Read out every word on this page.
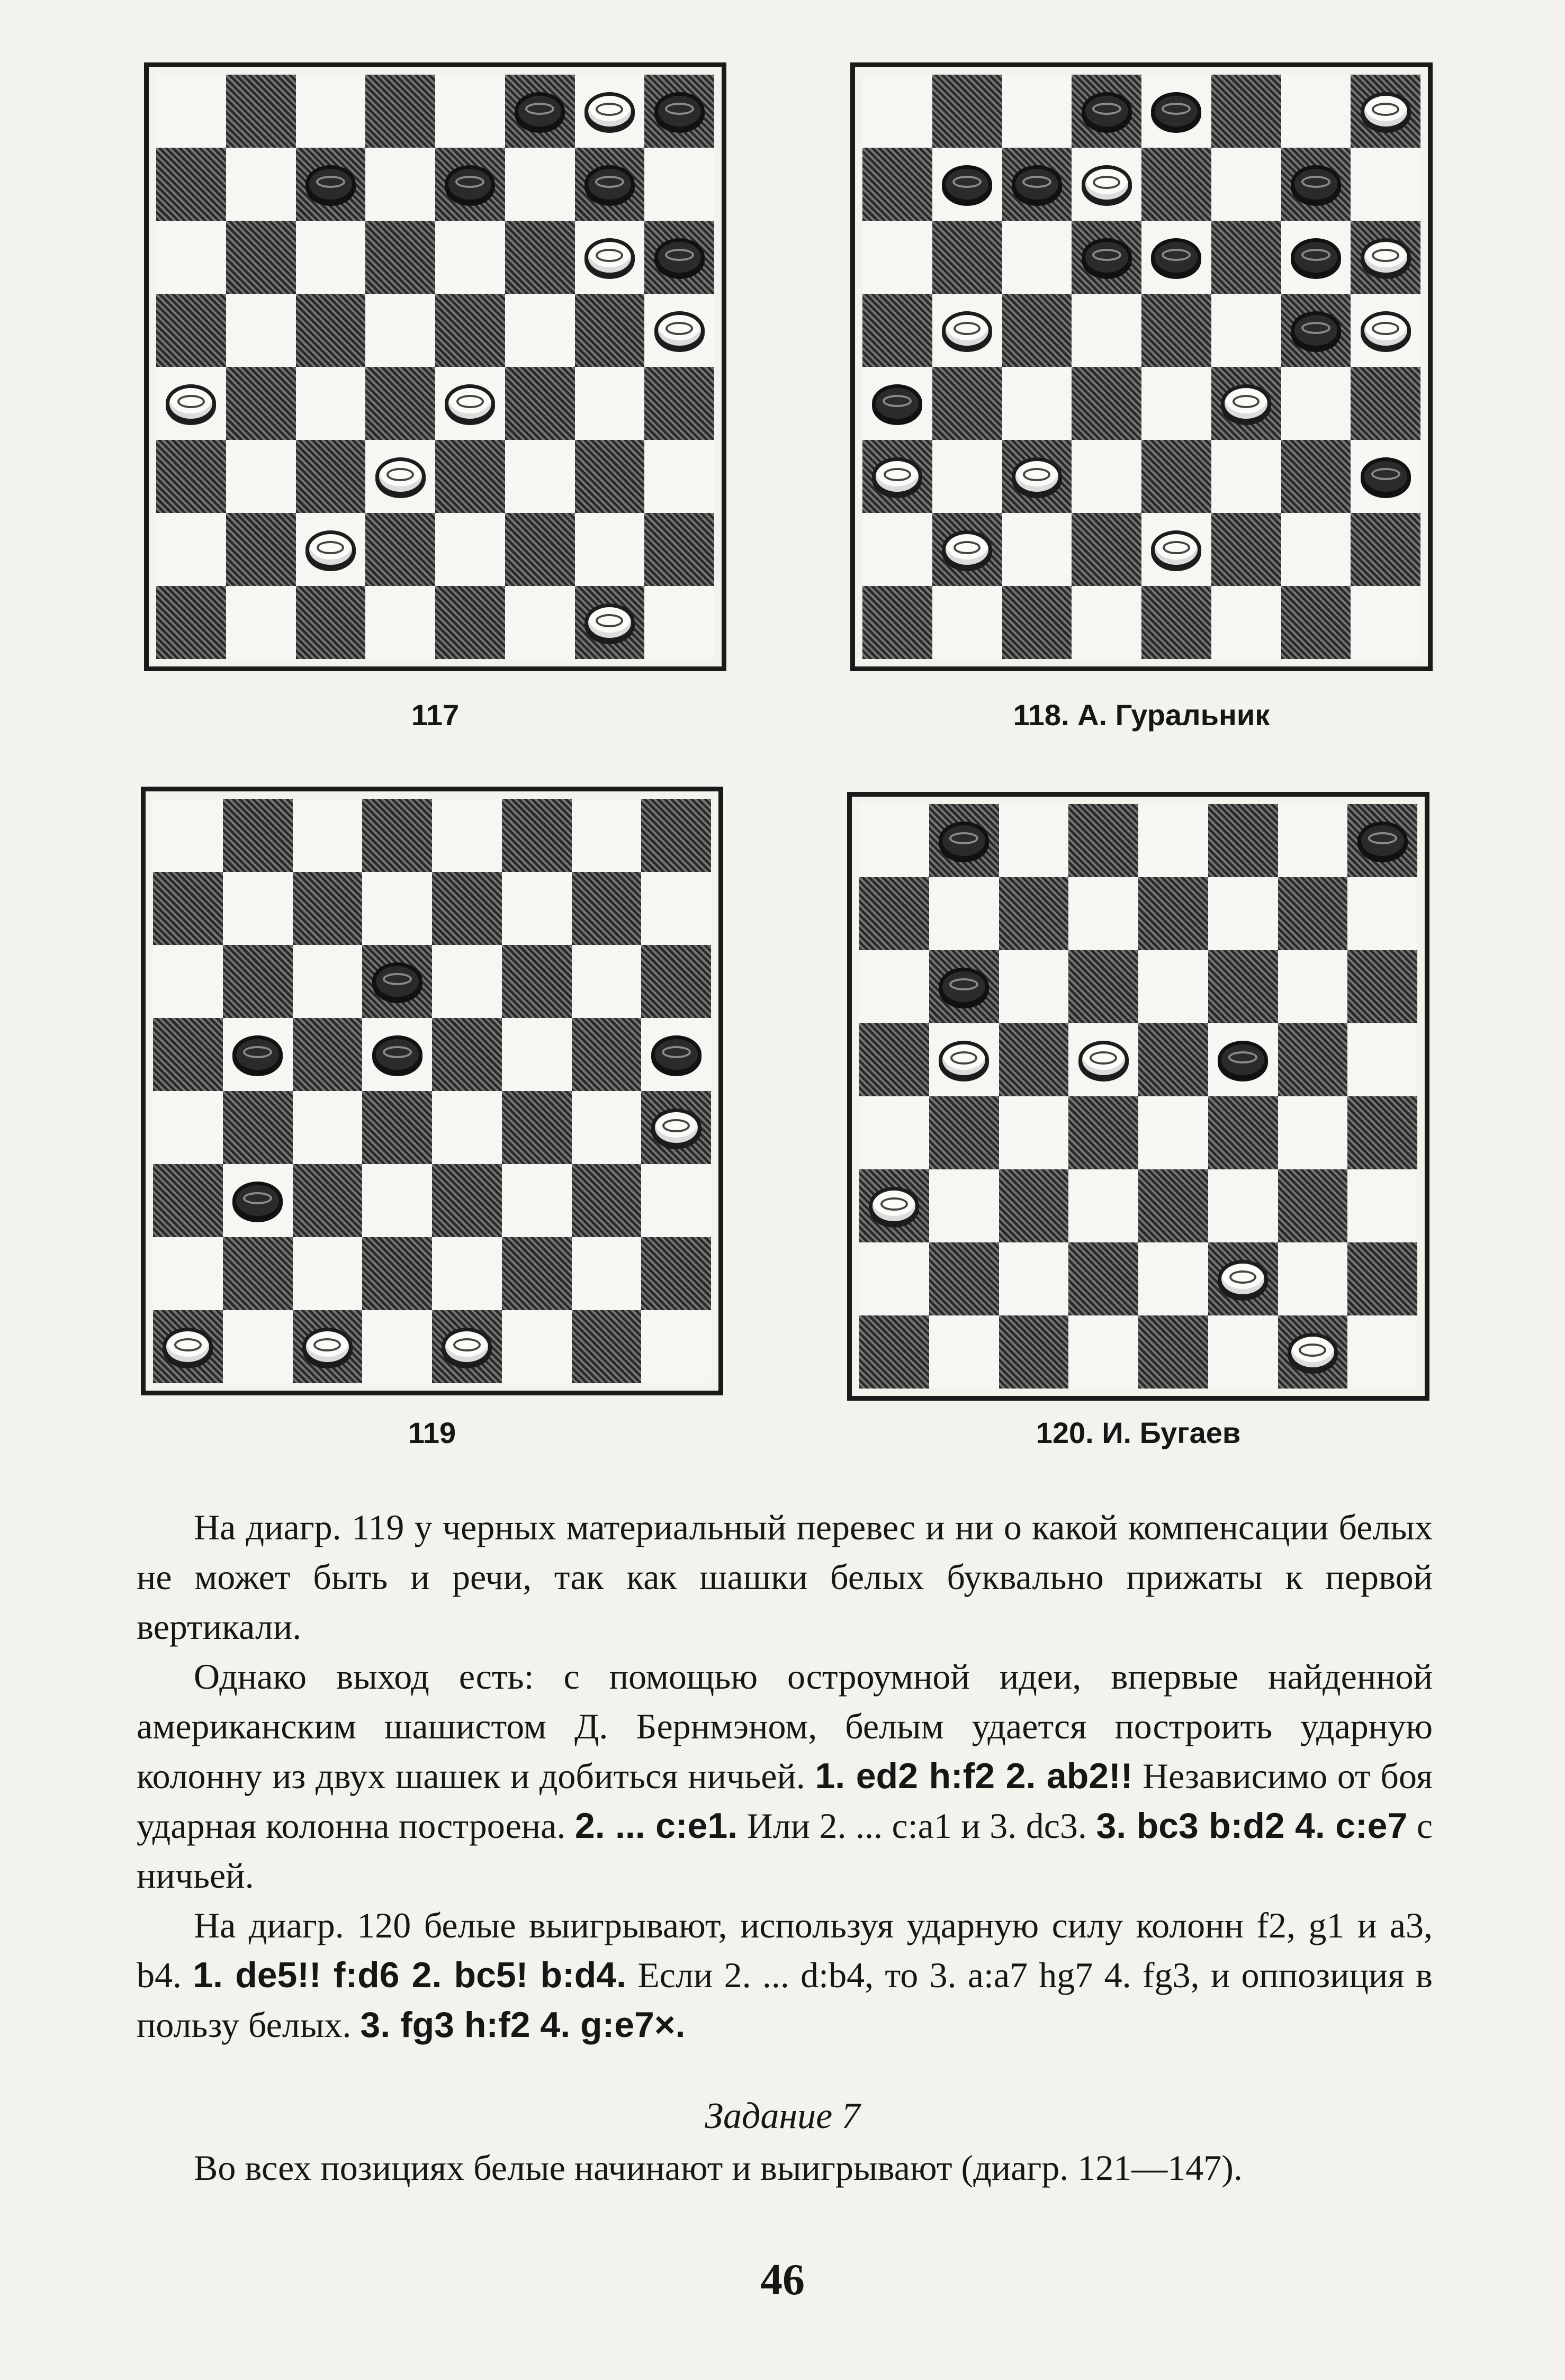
117	118. А. Гуральник
119	120. И. Бугаев

На диагр. 119 у черных материальный перевес и ни о какой компенсации белых не может быть и речи, так как шашки белых буквально прижаты к первой вертикали.

Однако выход есть: с помощью остроумной идеи, впервые найденной американским шашистом Д. Бернмэном, белым удается построить ударную колонну из двух шашек и добиться ничьей. 1. ed2 h:f2 2. ab2!! Независимо от боя ударная колонна построена. 2. ... c:e1. Или 2. ... c:a1 и 3. dc3. 3. bc3 b:d2 4. c:e7 с ничьей.

На диагр. 120 белые выигрывают, используя ударную силу колонн f2, g1 и a3, b4. 1. de5!! f:d6 2. bc5! b:d4. Если 2. ... d:b4, то 3. a:a7 hg7 4. fg3, и оппозиция в пользу белых. 3. fg3 h:f2 4. g:e7×.

Задание 7

Во всех позициях белые начинают и выигрывают (диагр. 121—147).

46
